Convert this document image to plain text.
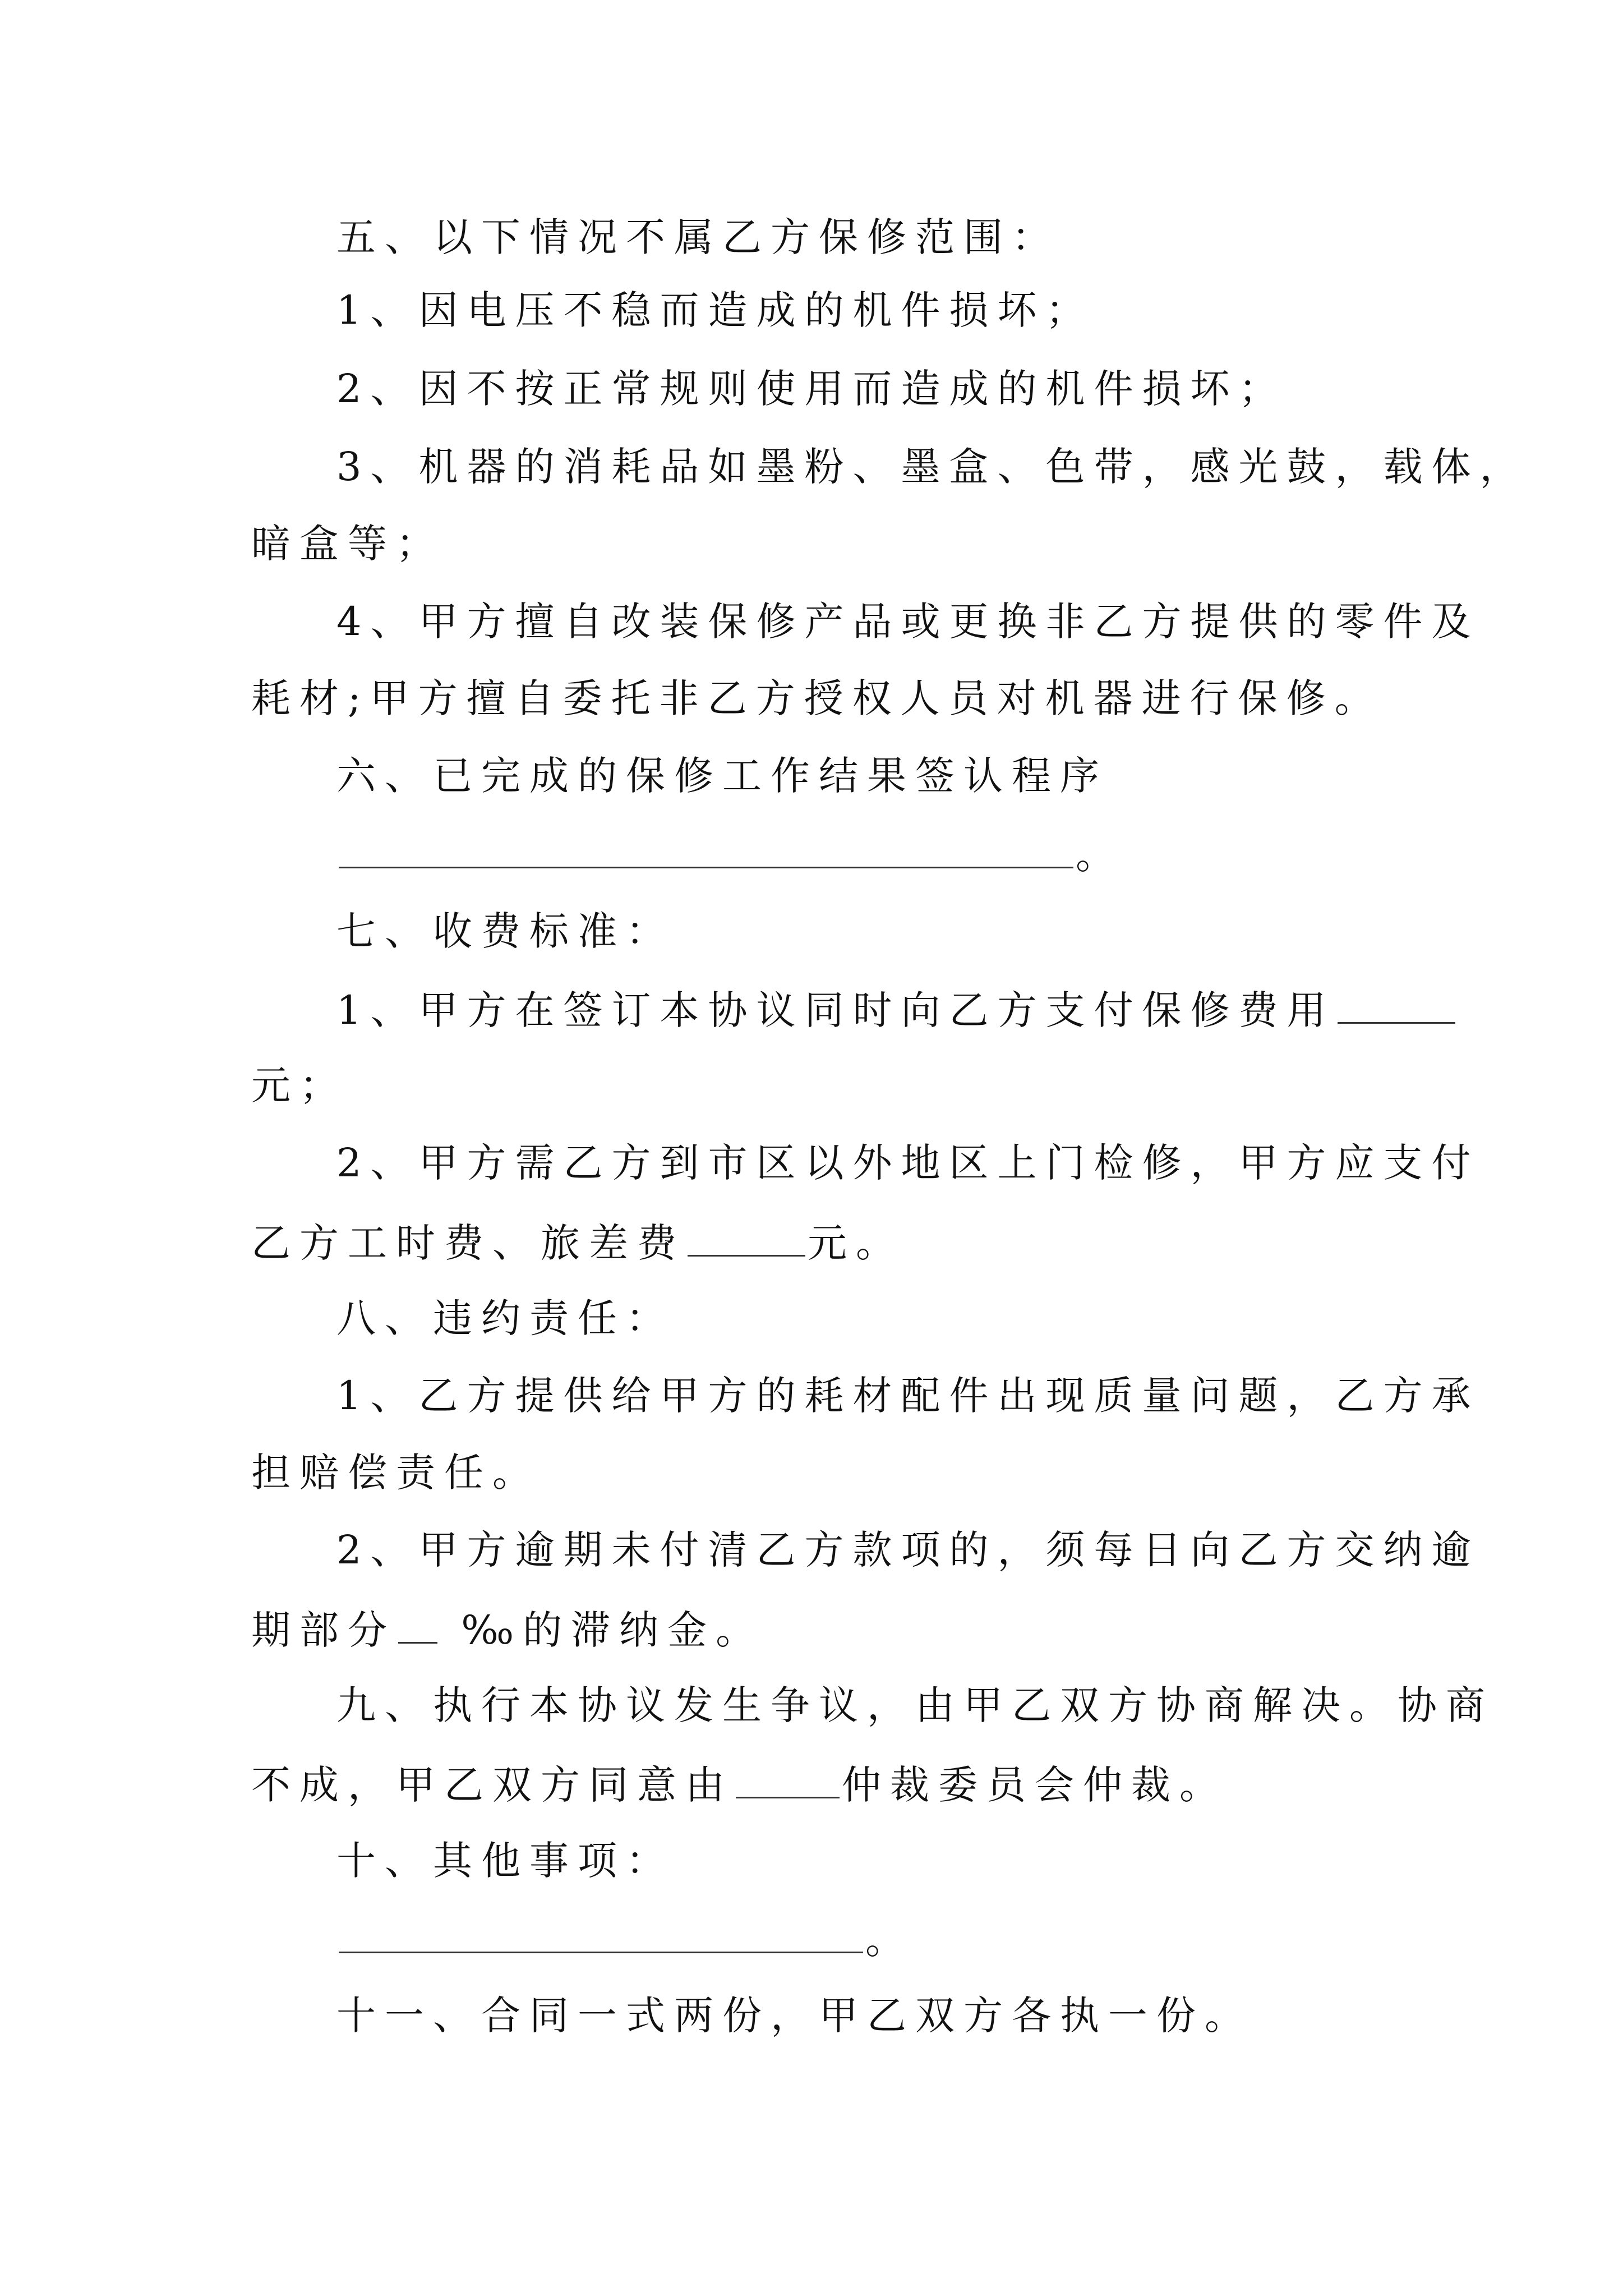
五、以下情况不属乙方保修范围：
1、因电压不稳而造成的机件损坏；
2、因不按正常规则使用而造成的机件损坏；
3、机器的消耗品如墨粉、墨盒、色带，感光鼓，载体，
暗盒等；
4、甲方擅自改装保修产品或更换非乙方提供的零件及
耗材;甲方擅自委托非乙方授权人员对机器进行保修。
六、已完成的保修工作结果签认程序
。
七、收费标准：
1、甲方在签订本协议同时向乙方支付保修费用
元；
2、甲方需乙方到市区以外地区上门检修，甲方应支付
乙方工时费、旅差费	元。
八、违约责任：
1、乙方提供给甲方的耗材配件出现质量问题，乙方承
担赔偿责任。
2、甲方逾期未付清乙方款项的，须每日向乙方交纳逾
期部分 ‰的滞纳金。
九、执行本协议发生争议，由甲乙双方协商解决。协商
不成，甲乙双方同意由	仲裁委员会仲裁。
十、其他事项：
。
十一、合同一式两份，甲乙双方各执一份。
